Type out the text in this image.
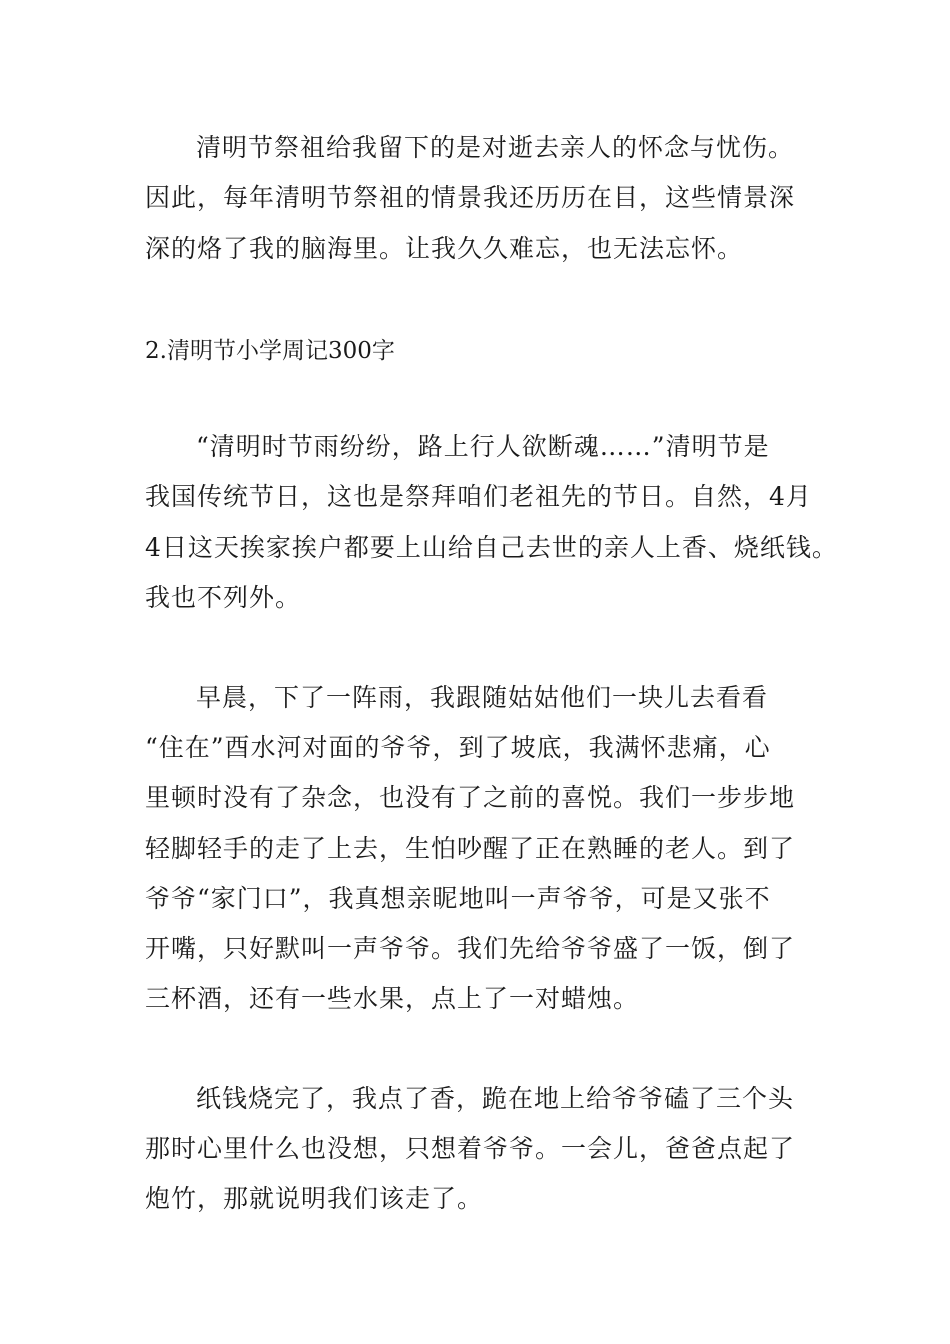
清明节祭祖给我留下的是对逝去亲人的怀念与忧伤。
因此，每年清明节祭祖的情景我还历历在目，这些情景深
深的烙了我的脑海里。让我久久难忘，也无法忘怀。
2.清明节小学周记300字
“清明时节雨纷纷，路上行人欲断魂……”清明节是
我国传统节日，这也是祭拜咱们老祖先的节日。自然，4月
4日这天挨家挨户都要上山给自己去世的亲人上香、烧纸钱。
我也不列外。
早晨，下了一阵雨，我跟随姑姑他们一块儿去看看
“住在”酉水河对面的爷爷，到了坡底，我满怀悲痛，心
里顿时没有了杂念，也没有了之前的喜悦。我们一步步地
轻脚轻手的走了上去，生怕吵醒了正在熟睡的老人。到了
爷爷“家门口”，我真想亲昵地叫一声爷爷，可是又张不
开嘴，只好默叫一声爷爷。我们先给爷爷盛了一饭，倒了
三杯酒，还有一些水果，点上了一对蜡烛。
纸钱烧完了，我点了香，跪在地上给爷爷磕了三个头
那时心里什么也没想，只想着爷爷。一会儿，爸爸点起了
炮竹，那就说明我们该走了。
